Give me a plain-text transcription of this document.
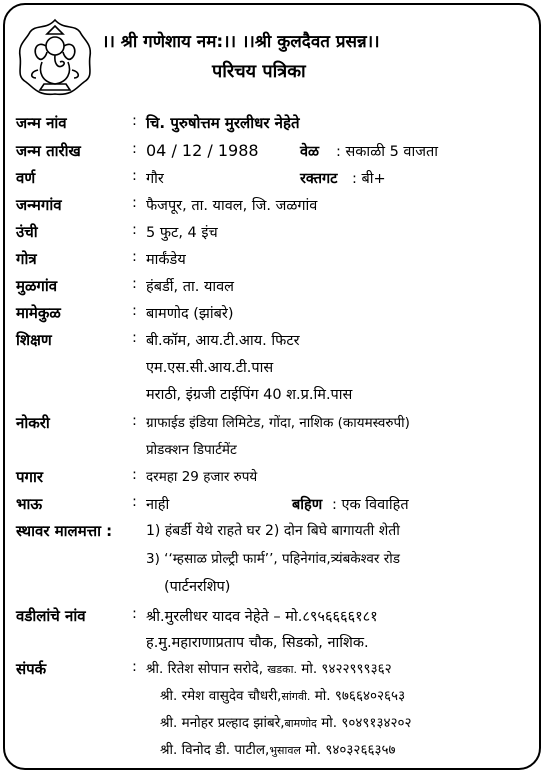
।। श्री गणेशाय नम:।। ।।श्री कुलदैवत प्रसन्न।।
परिचय पत्रिका
जन्म नांव	: चि. पुरुषोत्तम मुरलीधर नेहेते
जन्म तारीख	: 04 / 12 / 1988	वेळ : सकाळी 5 वाजता
वर्ण	: गौर	रक्तगट : बी+
जन्मगांव	: फैजपूर, ता. यावल, जि. जळगांव
उंची	: 5 फुट, 4 इंच
गोत्र	: मार्कंडेय
मुळगांव	: हंबर्डी, ता. यावल
मामेकुळ	: बामणोद (झांबरे)
शिक्षण	: बी.कॉम, आय.टी.आय. फिटर
एम.एस.सी.आय.टी.पास
मराठी, इंग्रजी टाईपिंग 40 श.प्र.मि.पास
नोकरी	: ग्राफाईड इंडिया लिमिटेड, गोंदा, नाशिक (कायमस्वरुपी)
प्रोडक्शन डिपार्टमेंट
पगार	: दरमहा 29 हजार रुपये
भाऊ	: नाही	बहिण : एक विवाहित
स्थावर मालमत्ता : 1) हंबर्डी येथे राहते घर 2) दोन बिघे बागायती शेती
3) ‘‘म्हसाळ प्रोल्ट्री फार्म’’, पहिनेगांव,त्र्यंबकेश्वर रोड
(पार्टनरशिप)
वडीलांचे नांव	: श्री.मुरलीधर यादव नेहेते – मो.८९५६६६६१८१
ह.मु.महाराणाप्रताप चौक, सिडको, नाशिक.
संपर्क	: श्री. रितेश सोपान सरोदे, खडका. मो. ९४२२९९९३६२
श्री. रमेश वासुदेव चौधरी,सांगवी. मो. ९७६६४०२६५३
श्री. मनोहर प्रल्हाद झांबरे,बामणोद मो. ९०४९१३४२०२
श्री. विनोद डी. पाटील,भुसावल मो. ९४०३२६६३५७
